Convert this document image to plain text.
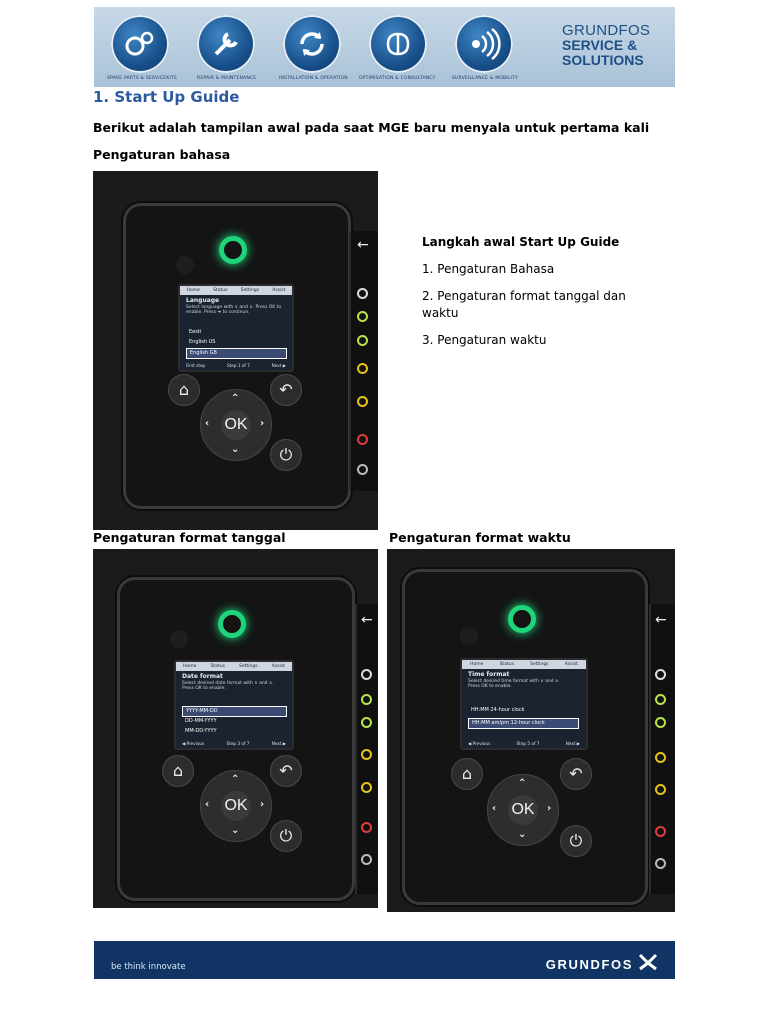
SPARE PARTS & SERVICEKITS	REPAIR & MAINTENANCE	INSTALLATION & OPERATION OPTIMISATION & CONSULTANCY	SURVEILLANCE & MOBILITY
GRUNDFOS
SERVICE &
SOLUTIONS
1. Start Up Guide
Berikut adalah tampilan awal pada saat MGE baru menyala untuk pertama kali
Pengaturan bahasa
Home	Status	Settings	Assist
Language
Select language with ∨ and ∧. Press OK to enable. Press ➜ to continue.
Eesti
English US
English GB
First step	Step 1 of 7	Next ▶
⌂	↶
⌃
‹	›
⌄
OK
⏻
←	Langkah awal Start Up Guide
1. Pengaturan Bahasa
2. Pengaturan format tanggal dan waktu
3. Pengaturan waktu
Pengaturan format tanggal	Pengaturan format waktu
Home	Status	Settings	Assist
Date format
Select desired date format with ∨ and ∧. Press OK to enable.
YYYY-MM-DD
DD-MM-YYYY
MM-DD-YYYY
◀ Previous	Step 3 of 7	Next ▶
⌂	↶
⌃
‹	›
⌄
OK
⏻
←
Home	Status	Settings	Assist
Time format
Select desired time format with ∨ and ∧. Press OK to enable.
HH:MM 24-hour clock
HH:MM am/pm 12-hour clock
◀ Previous	Step 5 of 7	Next ▶
⌂	↶
⌃
‹	›
⌄
OK
⏻
←
be think innovate	GRUNDFOS
